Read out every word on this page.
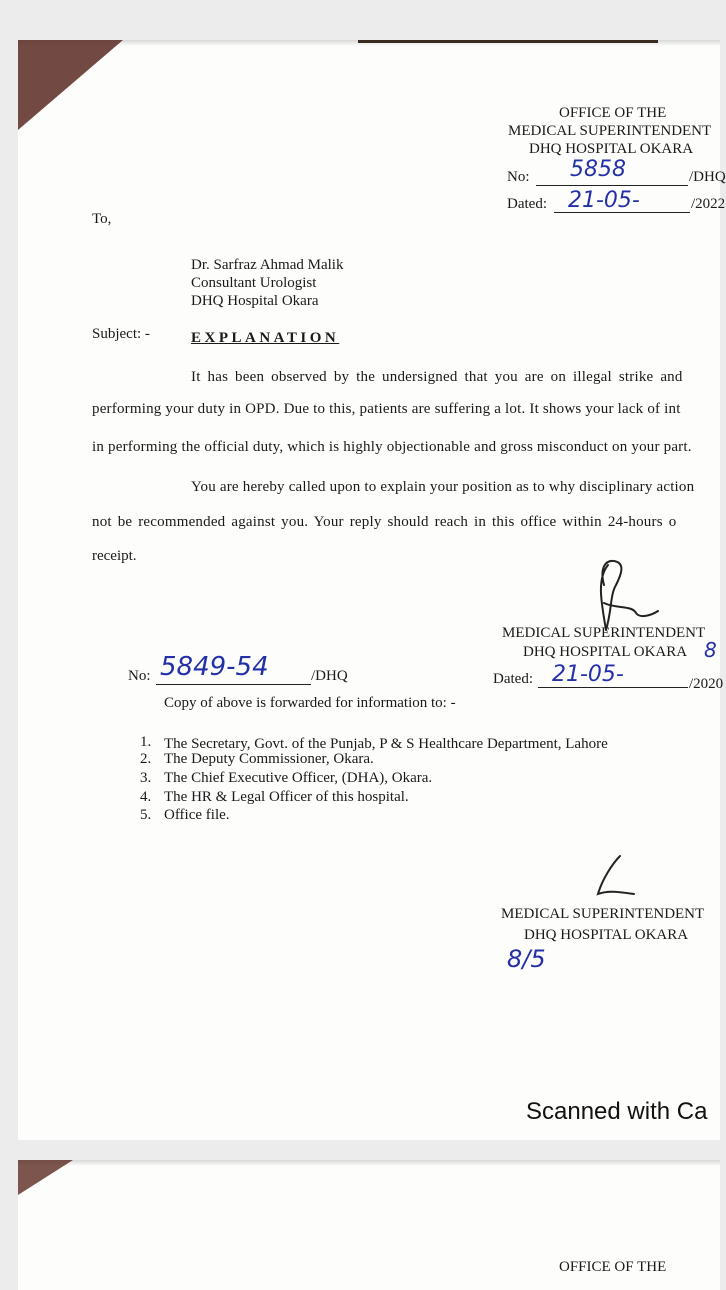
OFFICE OF THE
MEDICAL SUPERINTENDENT
DHQ HOSPITAL OKARA
No: 5858	/DHQ
Dated: 21-05-	/2022
To,
Dr. Sarfraz Ahmad Malik
Consultant Urologist
DHQ Hospital Okara
Subject: -	EXPLANATION
It has been observed by the undersigned that you are on illegal strike and
performing your duty in OPD. Due to this, patients are suffering a lot. It shows your lack of int
in performing the official duty, which is highly objectionable and gross misconduct on your part.
You are hereby called upon to explain your position as to why disciplinary action
not be recommended against you. Your reply should reach in this office within 24-hours o
receipt.
MEDICAL SUPERINTENDENT
DHQ HOSPITAL OKARA 8
No: 5849-54	/DHQ	Dated: 21-05-	/2020
Copy of above is forwarded for information to: -
1. The Secretary, Govt. of the Punjab, P & S Healthcare Department, Lahore
2. The Deputy Commissioner, Okara.
3. The Chief Executive Officer, (DHA), Okara.
4. The HR & Legal Officer of this hospital.
5. Office file.
MEDICAL SUPERINTENDENT
DHQ HOSPITAL OKARA
8/5
Scanned with Ca
OFFICE OF THE
